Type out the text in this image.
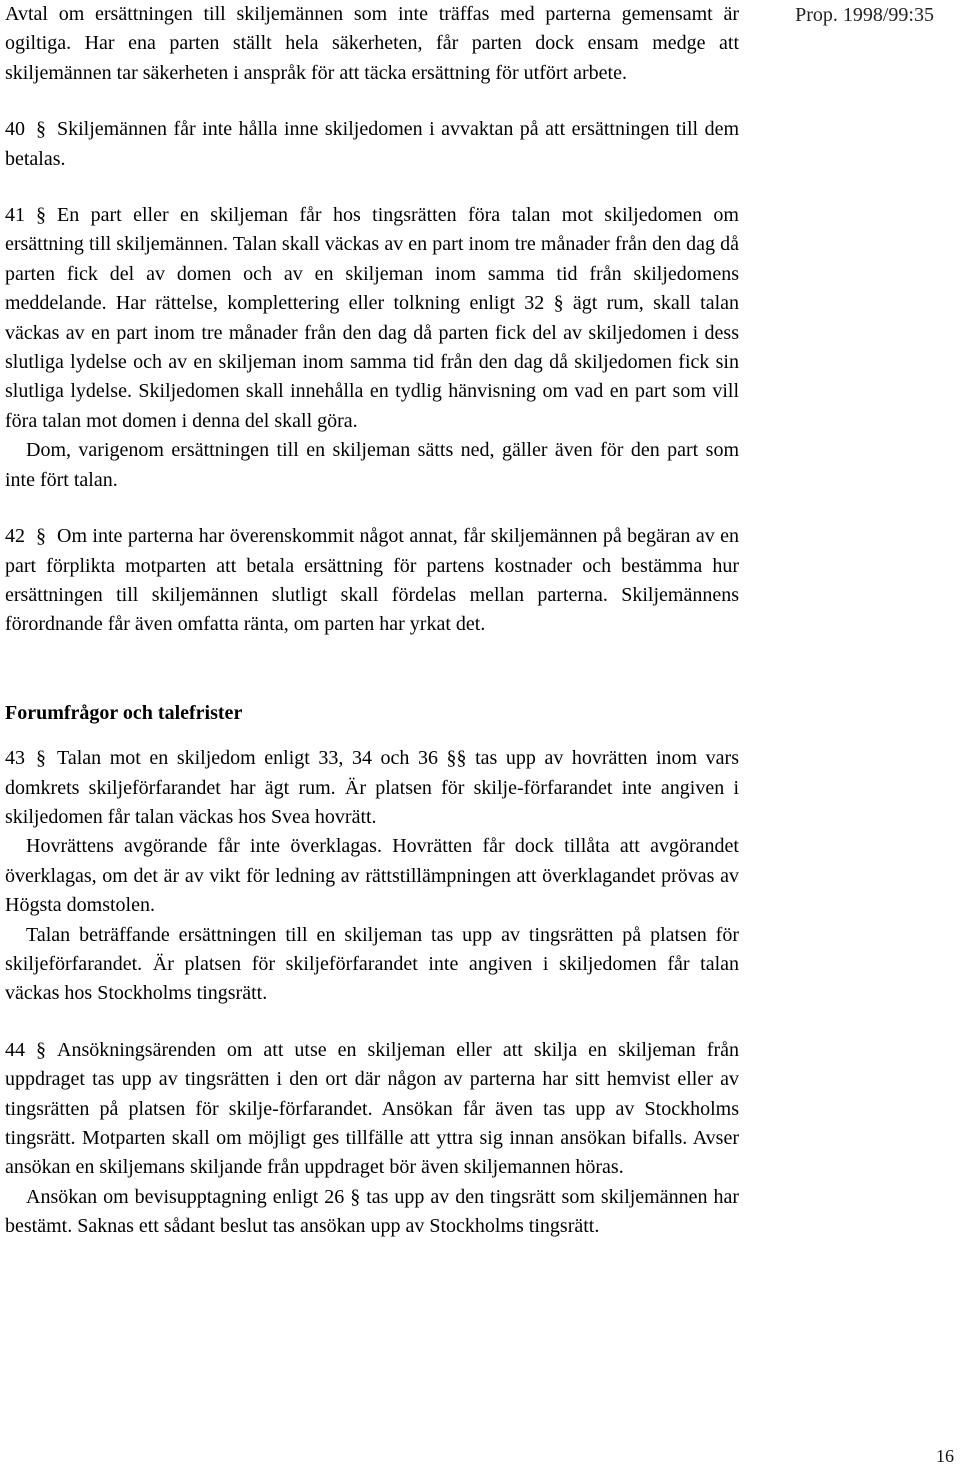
Prop. 1998/99:35

Avtal om ersättningen till skiljemännen som inte träffas med parterna gemensamt är ogiltiga. Har ena parten ställt hela säkerheten, får parten dock ensam medge att skiljemännen tar säkerheten i anspråk för att täcka ersättning för utfört arbete.

40 § Skiljemännen får inte hålla inne skiljedomen i avvaktan på att ersättningen till dem betalas.

41 § En part eller en skiljeman får hos tingsrätten föra talan mot skiljedomen om ersättning till skiljemännen. Talan skall väckas av en part inom tre månader från den dag då parten fick del av domen och av en skiljeman inom samma tid från skiljedomens meddelande. Har rättelse, komplettering eller tolkning enligt 32 § ägt rum, skall talan väckas av en part inom tre månader från den dag då parten fick del av skiljedomen i dess slutliga lydelse och av en skiljeman inom samma tid från den dag då skiljedomen fick sin slutliga lydelse. Skiljedomen skall innehålla en tydlig hänvisning om vad en part som vill föra talan mot domen i denna del skall göra.

Dom, varigenom ersättningen till en skiljeman sätts ned, gäller även för den part som inte fört talan.

42 § Om inte parterna har överenskommit något annat, får skiljemännen på begäran av en part förplikta motparten att betala ersättning för partens kostnader och bestämma hur ersättningen till skiljemännen slutligt skall fördelas mellan parterna. Skiljemännens förordnande får även omfatta ränta, om parten har yrkat det.

Forumfrågor och talefrister

43 § Talan mot en skiljedom enligt 33, 34 och 36 §§ tas upp av hovrätten inom vars domkrets skiljeförfarandet har ägt rum. Är platsen för skilje-förfarandet inte angiven i skiljedomen får talan väckas hos Svea hovrätt.

Hovrättens avgörande får inte överklagas. Hovrätten får dock tillåta att avgörandet överklagas, om det är av vikt för ledning av rättstillämpningen att överklagandet prövas av Högsta domstolen.

Talan beträffande ersättningen till en skiljeman tas upp av tingsrätten på platsen för skiljeförfarandet. Är platsen för skiljeförfarandet inte angiven i skiljedomen får talan väckas hos Stockholms tingsrätt.

44 § Ansökningsärenden om att utse en skiljeman eller att skilja en skiljeman från uppdraget tas upp av tingsrätten i den ort där någon av parterna har sitt hemvist eller av tingsrätten på platsen för skilje-förfarandet. Ansökan får även tas upp av Stockholms tingsrätt. Motparten skall om möjligt ges tillfälle att yttra sig innan ansökan bifalls. Avser ansökan en skiljemans skiljande från uppdraget bör även skiljemannen höras.

Ansökan om bevisupptagning enligt 26 § tas upp av den tingsrätt som skiljemännen har bestämt. Saknas ett sådant beslut tas ansökan upp av Stockholms tingsrätt.

16
